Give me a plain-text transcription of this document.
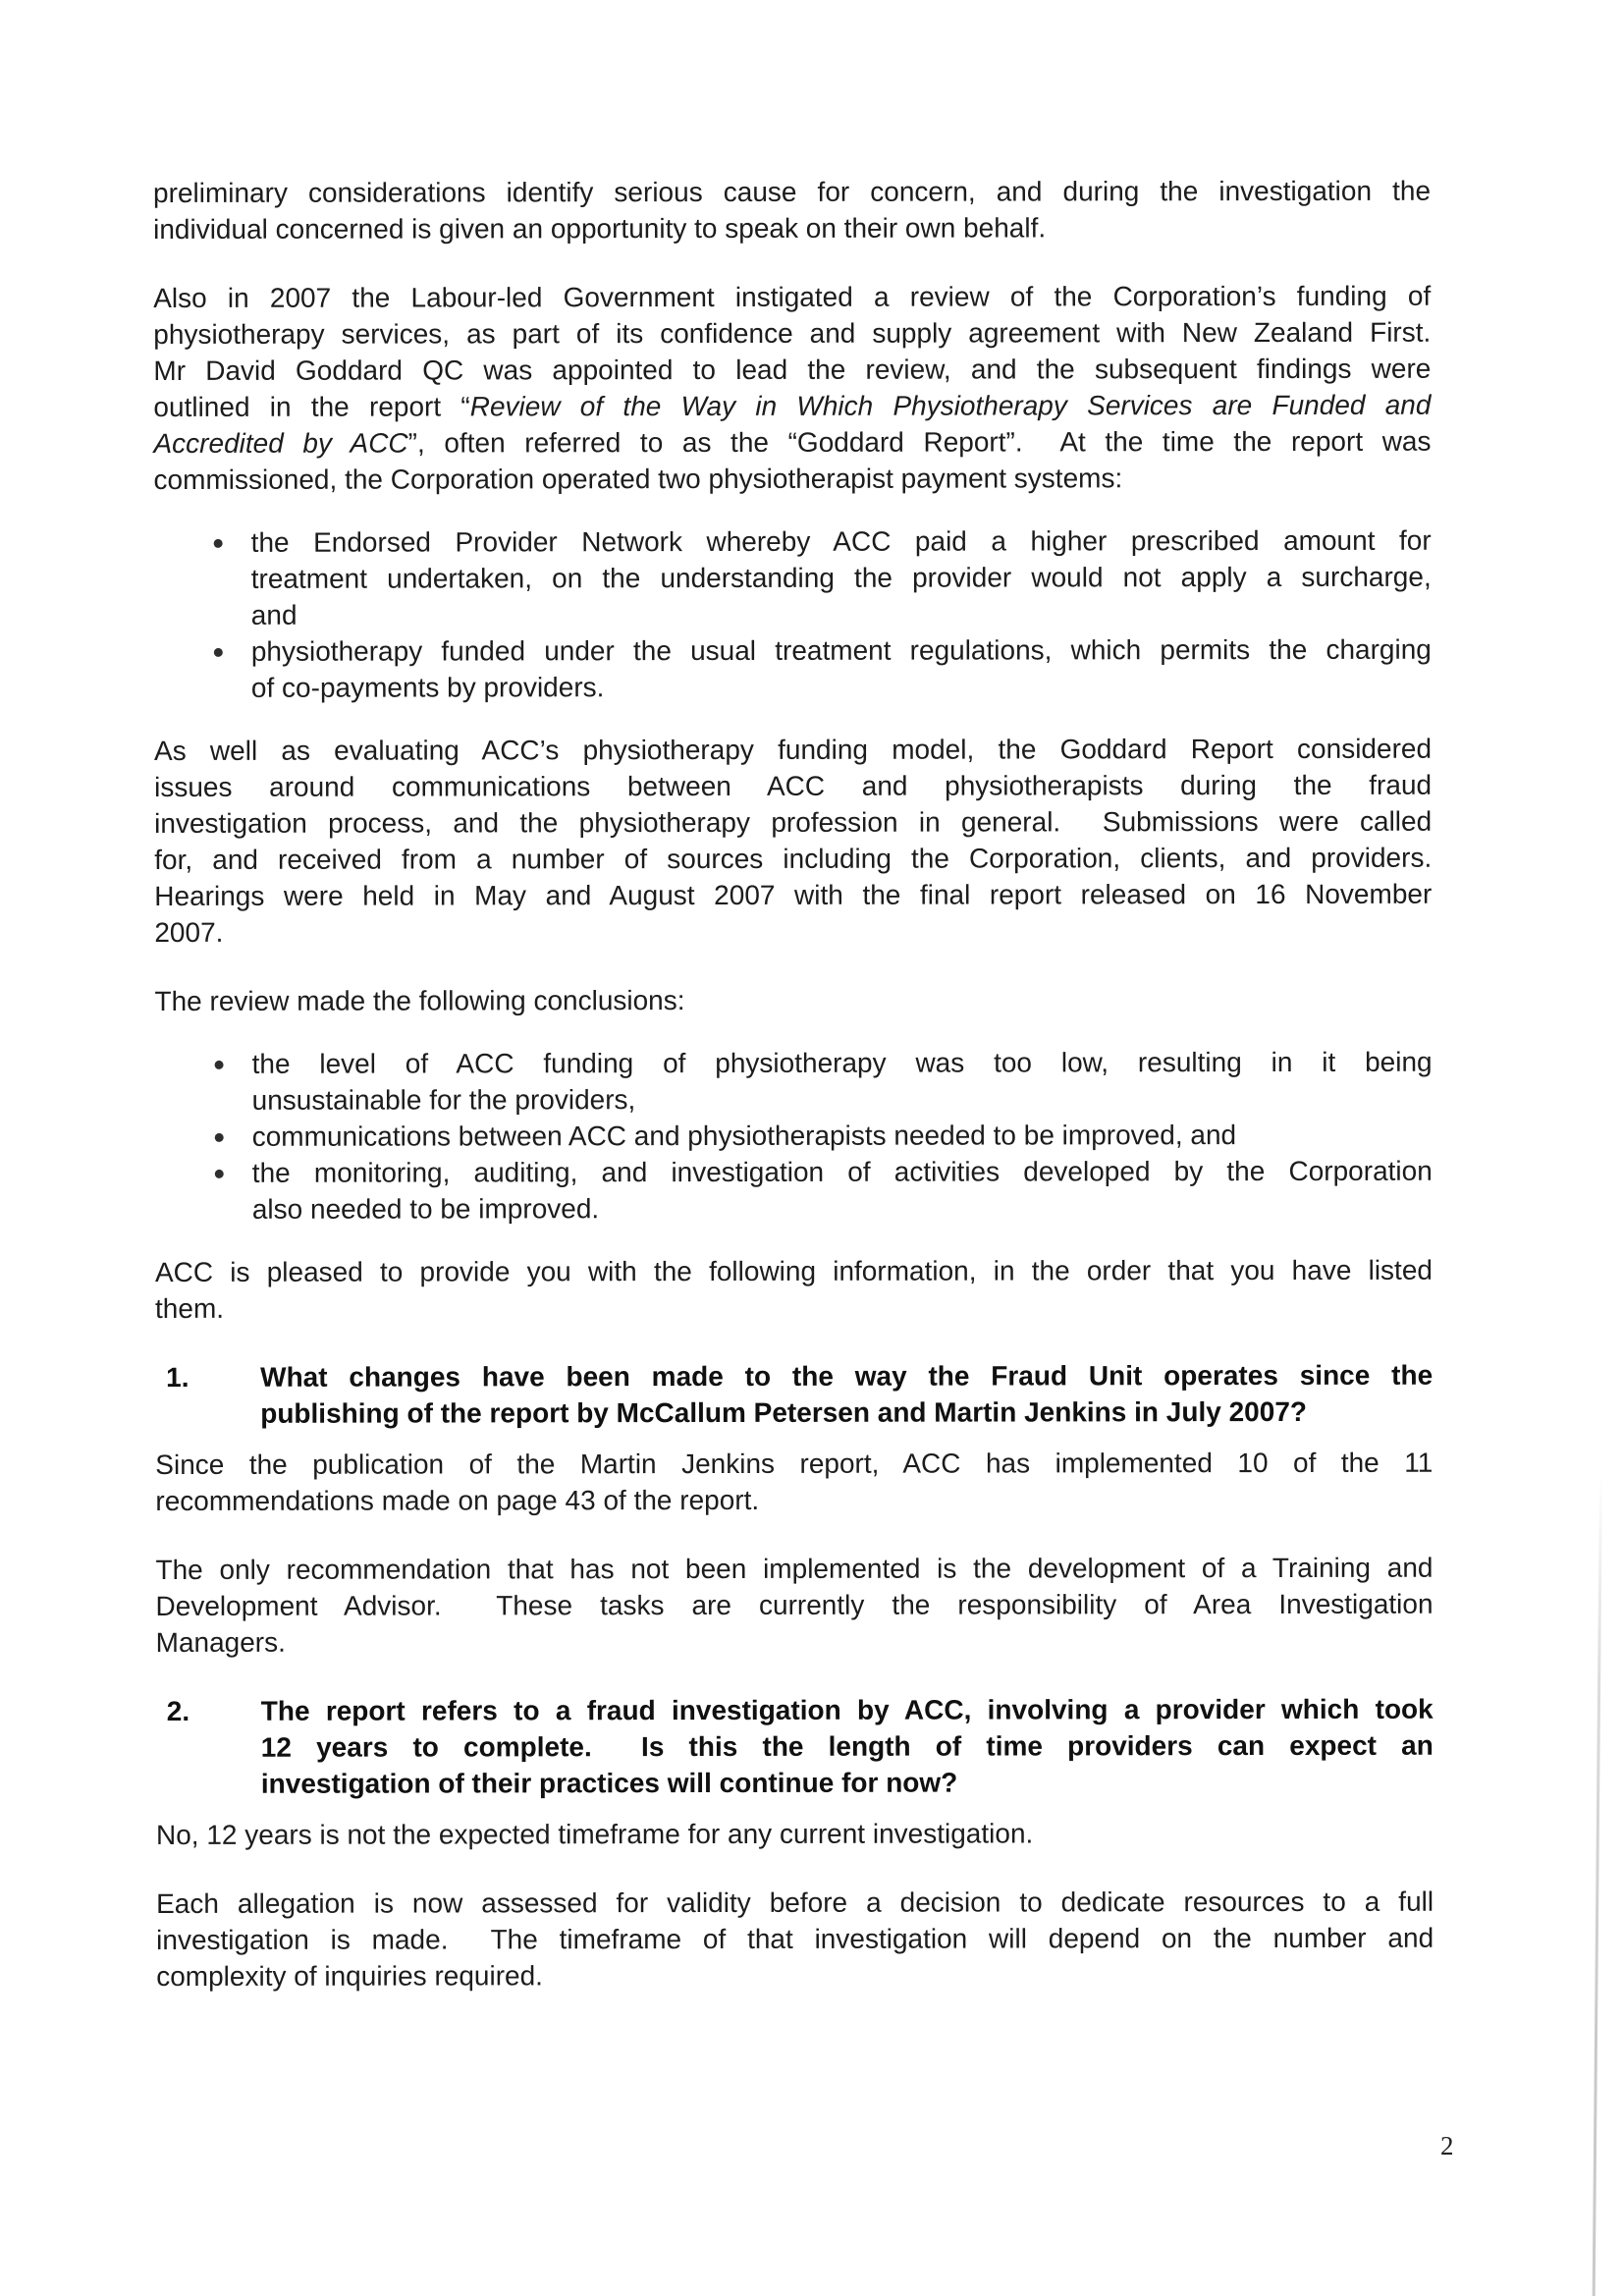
preliminary considerations identify serious cause for concern, and during the investigation the
individual concerned is given an opportunity to speak on their own behalf.
Also in 2007 the Labour-led Government instigated a review of the Corporation’s funding of
physiotherapy services, as part of its confidence and supply agreement with New Zealand First.
Mr David Goddard QC was appointed to lead the review, and the subsequent findings were
outlined in the report “Review of the Way in Which Physiotherapy Services are Funded and
Accredited by ACC”, often referred to as the “Goddard Report”.  At the time the report was
commissioned, the Corporation operated two physiotherapist payment systems:
the Endorsed Provider Network whereby ACC paid a higher prescribed amount for
treatment undertaken, on the understanding the provider would not apply a surcharge,
and
physiotherapy funded under the usual treatment regulations, which permits the charging
of co-payments by providers.
As well as evaluating ACC’s physiotherapy funding model, the Goddard Report considered
issues around communications between ACC and physiotherapists during the fraud
investigation process, and the physiotherapy profession in general.  Submissions were called
for, and received from a number of sources including the Corporation, clients, and providers.
Hearings were held in May and August 2007 with the final report released on 16 November
2007.
The review made the following conclusions:
the level of ACC funding of physiotherapy was too low, resulting in it being
unsustainable for the providers,
communications between ACC and physiotherapists needed to be improved, and
the monitoring, auditing, and investigation of activities developed by the Corporation
also needed to be improved.
ACC is pleased to provide you with the following information, in the order that you have listed
them.
1.	What changes have been made to the way the Fraud Unit operates since the
publishing of the report by McCallum Petersen and Martin Jenkins in July 2007?
Since the publication of the Martin Jenkins report, ACC has implemented 10 of the 11
recommendations made on page 43 of the report.
The only recommendation that has not been implemented is the development of a Training and
Development Advisor.  These tasks are currently the responsibility of Area Investigation
Managers.
2.	The report refers to a fraud investigation by ACC, involving a provider which took
12 years to complete.  Is this the length of time providers can expect an
investigation of their practices will continue for now?
No, 12 years is not the expected timeframe for any current investigation.
Each allegation is now assessed for validity before a decision to dedicate resources to a full
investigation is made.  The timeframe of that investigation will depend on the number and
complexity of inquiries required.
2
